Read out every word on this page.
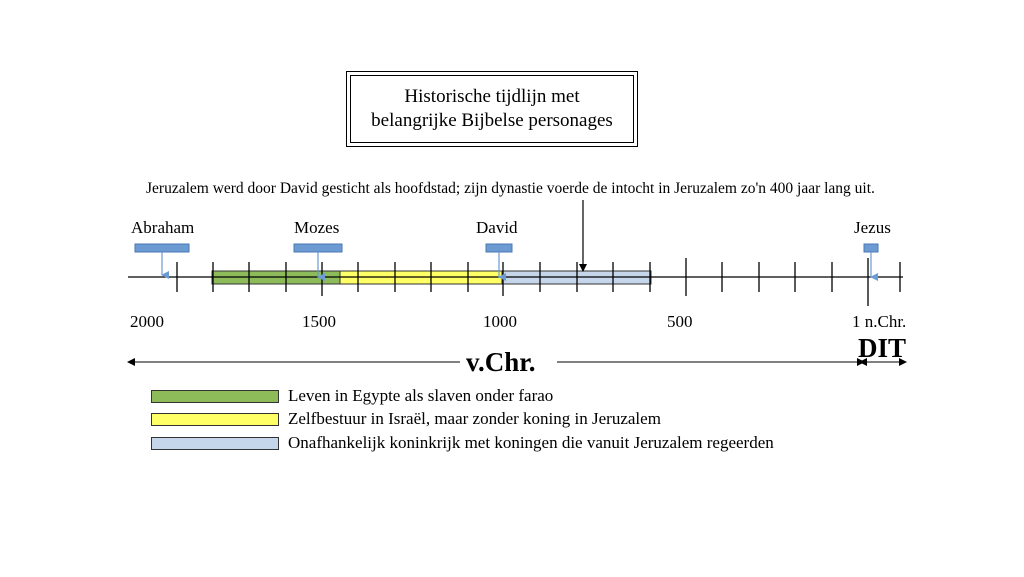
Historische tijdlijn met
belangrijke Bijbelse personages
Jeruzalem werd door David gesticht als hoofdstad; zijn dynastie voerde de intocht in Jeruzalem zo'n 400 jaar lang uit.
Abraham	Mozes	David	Jezus
2000	1500	1000	500	1 n.Chr.
v.Chr.	DIT
Leven in Egypte als slaven onder farao
Zelfbestuur in Israël, maar zonder koning in Jeruzalem
Onafhankelijk koninkrijk met koningen die vanuit Jeruzalem regeerden
